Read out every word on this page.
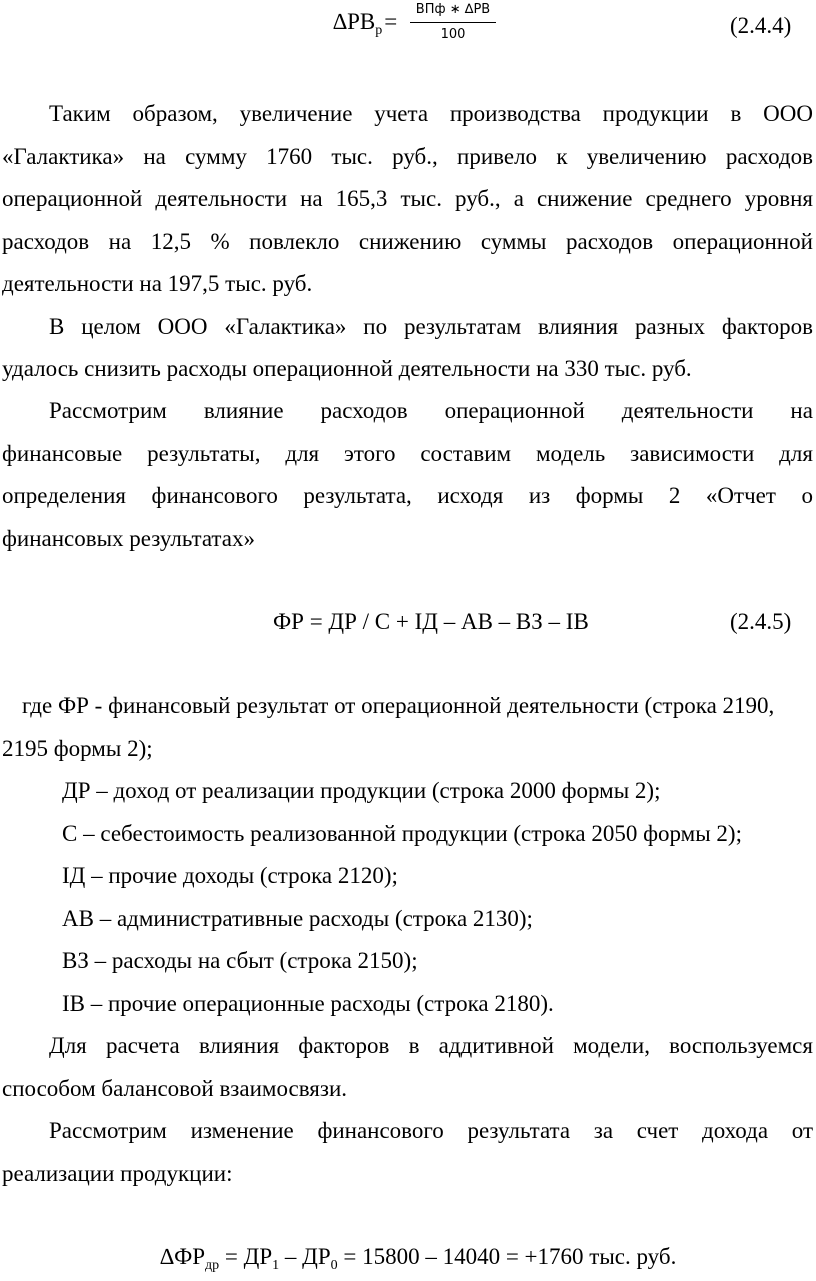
$\Delta РВ_р=$	ВПф ∗ ∆РВ
100	(2.4.4)
Таким образом, увеличение учета производства продукции в ООО
«Галактика» на сумму 1760 тыс. руб., привело к увеличению расходов
операционной деятельности на 165,3 тыс. руб., а снижение среднего уровня
расходов на 12,5 % повлекло снижению суммы расходов операционной
деятельности на 197,5 тыс. руб.
В целом ООО «Галактика» по результатам влияния разных факторов
удалось снизить расходы операционной деятельности на 330 тыс. руб.
Рассмотрим влияние расходов операционной деятельности на
финансовые результаты, для этого составим модель зависимости для
определения финансового результата, исходя из формы 2 «Отчет о
финансовых результатах»
ФР = ДР / С + ІД – АВ – ВЗ – ІВ	(2.4.5)
где ФР - финансовый результат от операционной деятельности (строка 2190,
2195 формы 2);
ДР – доход от реализации продукции (строка 2000 формы 2);
С – себестоимость реализованной продукции (строка 2050 формы 2);
ІД – прочие доходы (строка 2120);
АВ – административные расходы (строка 2130);
ВЗ – расходы на сбыт (строка 2150);
ІВ – прочие операционные расходы (строка 2180).
Для расчета влияния факторов в аддитивной модели, воспользуемся
способом балансовой взаимосвязи.
Рассмотрим изменение финансового результата за счет дохода от
реализации продукции:
$\Delta ФР_{др} = ДР_1 - ДР_0 = 15800 - 14040 = +1760$ тыс. руб.
